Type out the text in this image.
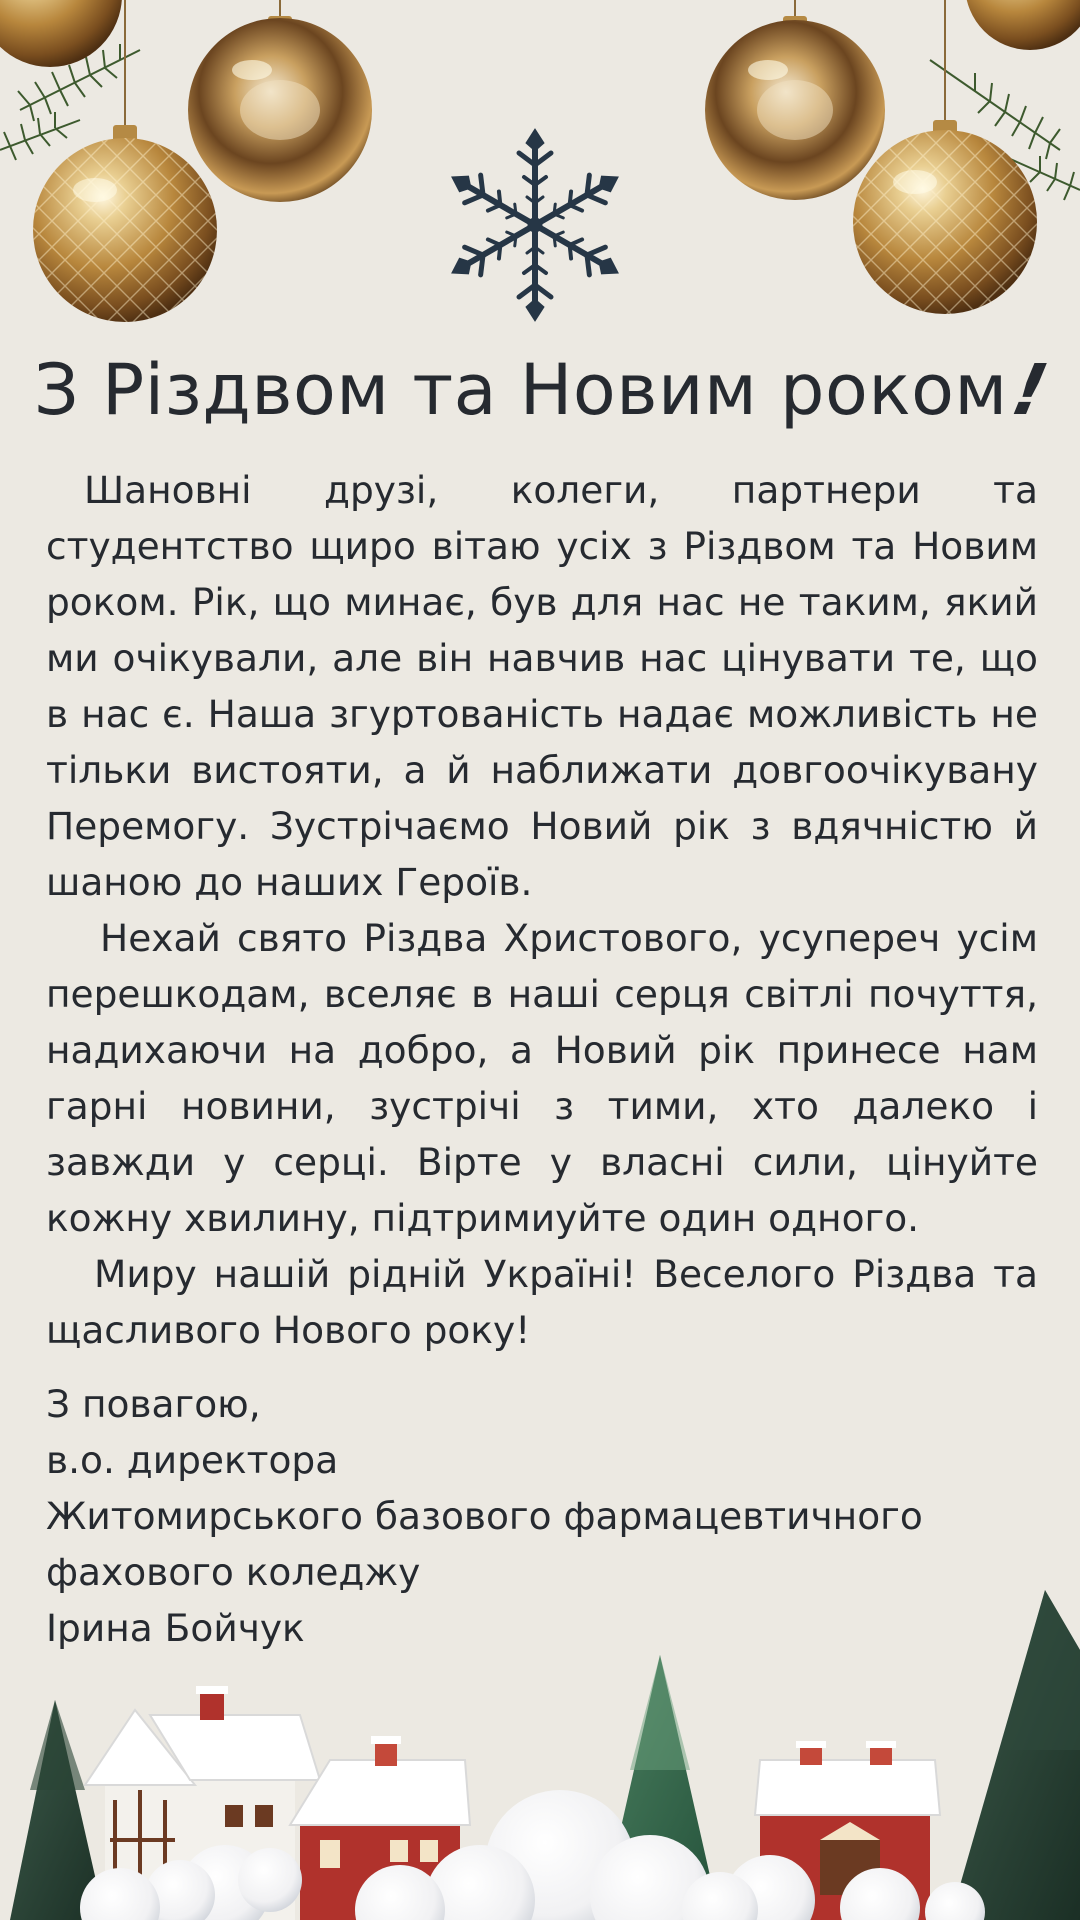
З Різдвом та Новим роком!

Шановні друзі, колеги, партнери та студентство щиро вітаю усіх з Різдвом та Новим роком. Рік, що минає, був для нас не таким, який ми очікували, але він навчив нас цінувати те, що в нас є. Наша згуртованість надає можливість не тільки вистояти, а й наближати довгоочікувану Перемогу. Зустрічаємо Новий рік з вдячністю й шаною до наших Героїв.

Нехай свято Різдва Христового, усупереч усім перешкодам, вселяє в наші серця світлі почуття, надихаючи на добро, а Новий рік принесе нам гарні новини, зустрічі з тими, хто далеко і завжди у серці. Вірте у власні сили, цінуйте кожну хвилину, підтримиуйте один одного.

Миру нашій рідній Україні! Веселого Різдва та щасливого Нового року!

З повагою,
в.о. директора
Житомирського базового фармацевтичного
фахового коледжу
Ірина Бойчук
